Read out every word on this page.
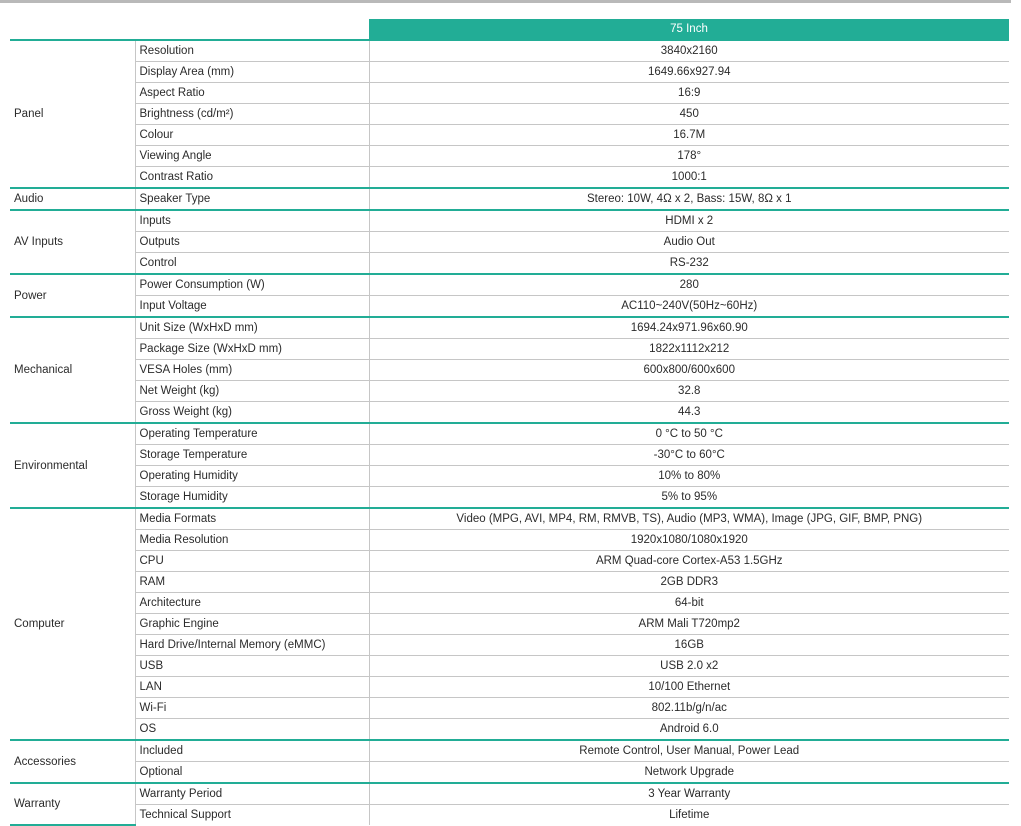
		75 Inch
Panel	Resolution	3840x2160
	Display Area (mm)	1649.66x927.94
	Aspect Ratio	16:9
	Brightness (cd/m²)	450
	Colour	16.7M
	Viewing Angle	178°
	Contrast Ratio	1000:1
Audio	Speaker Type	Stereo: 10W, 4Ω x 2, Bass: 15W, 8Ω x 1
AV Inputs	Inputs	HDMI x 2
	Outputs	Audio Out
	Control	RS-232
Power	Power Consumption (W)	280
	Input Voltage	AC110~240V(50Hz~60Hz)
Mechanical	Unit Size (WxHxD mm)	1694.24x971.96x60.90
	Package Size (WxHxD mm)	1822x1112x212
	VESA Holes (mm)	600x800/600x600
	Net Weight (kg)	32.8
	Gross Weight (kg)	44.3
Environmental	Operating Temperature	0 °C to 50 °C
	Storage Temperature	-30°C to 60°C
	Operating Humidity	10% to 80%
	Storage Humidity	5% to 95%
Computer	Media Formats	Video (MPG, AVI, MP4, RM, RMVB, TS), Audio (MP3, WMA), Image (JPG, GIF, BMP, PNG)
	Media Resolution	1920x1080/1080x1920
	CPU	ARM Quad-core Cortex-A53 1.5GHz
	RAM	2GB DDR3
	Architecture	64-bit
	Graphic Engine	ARM Mali T720mp2
	Hard Drive/Internal Memory (eMMC)	16GB
	USB	USB 2.0 x2
	LAN	10/100 Ethernet
	Wi-Fi	802.11b/g/n/ac
	OS	Android 6.0
Accessories	Included	Remote Control, User Manual, Power Lead
	Optional	Network Upgrade
Warranty	Warranty Period	3 Year Warranty
	Technical Support	Lifetime
